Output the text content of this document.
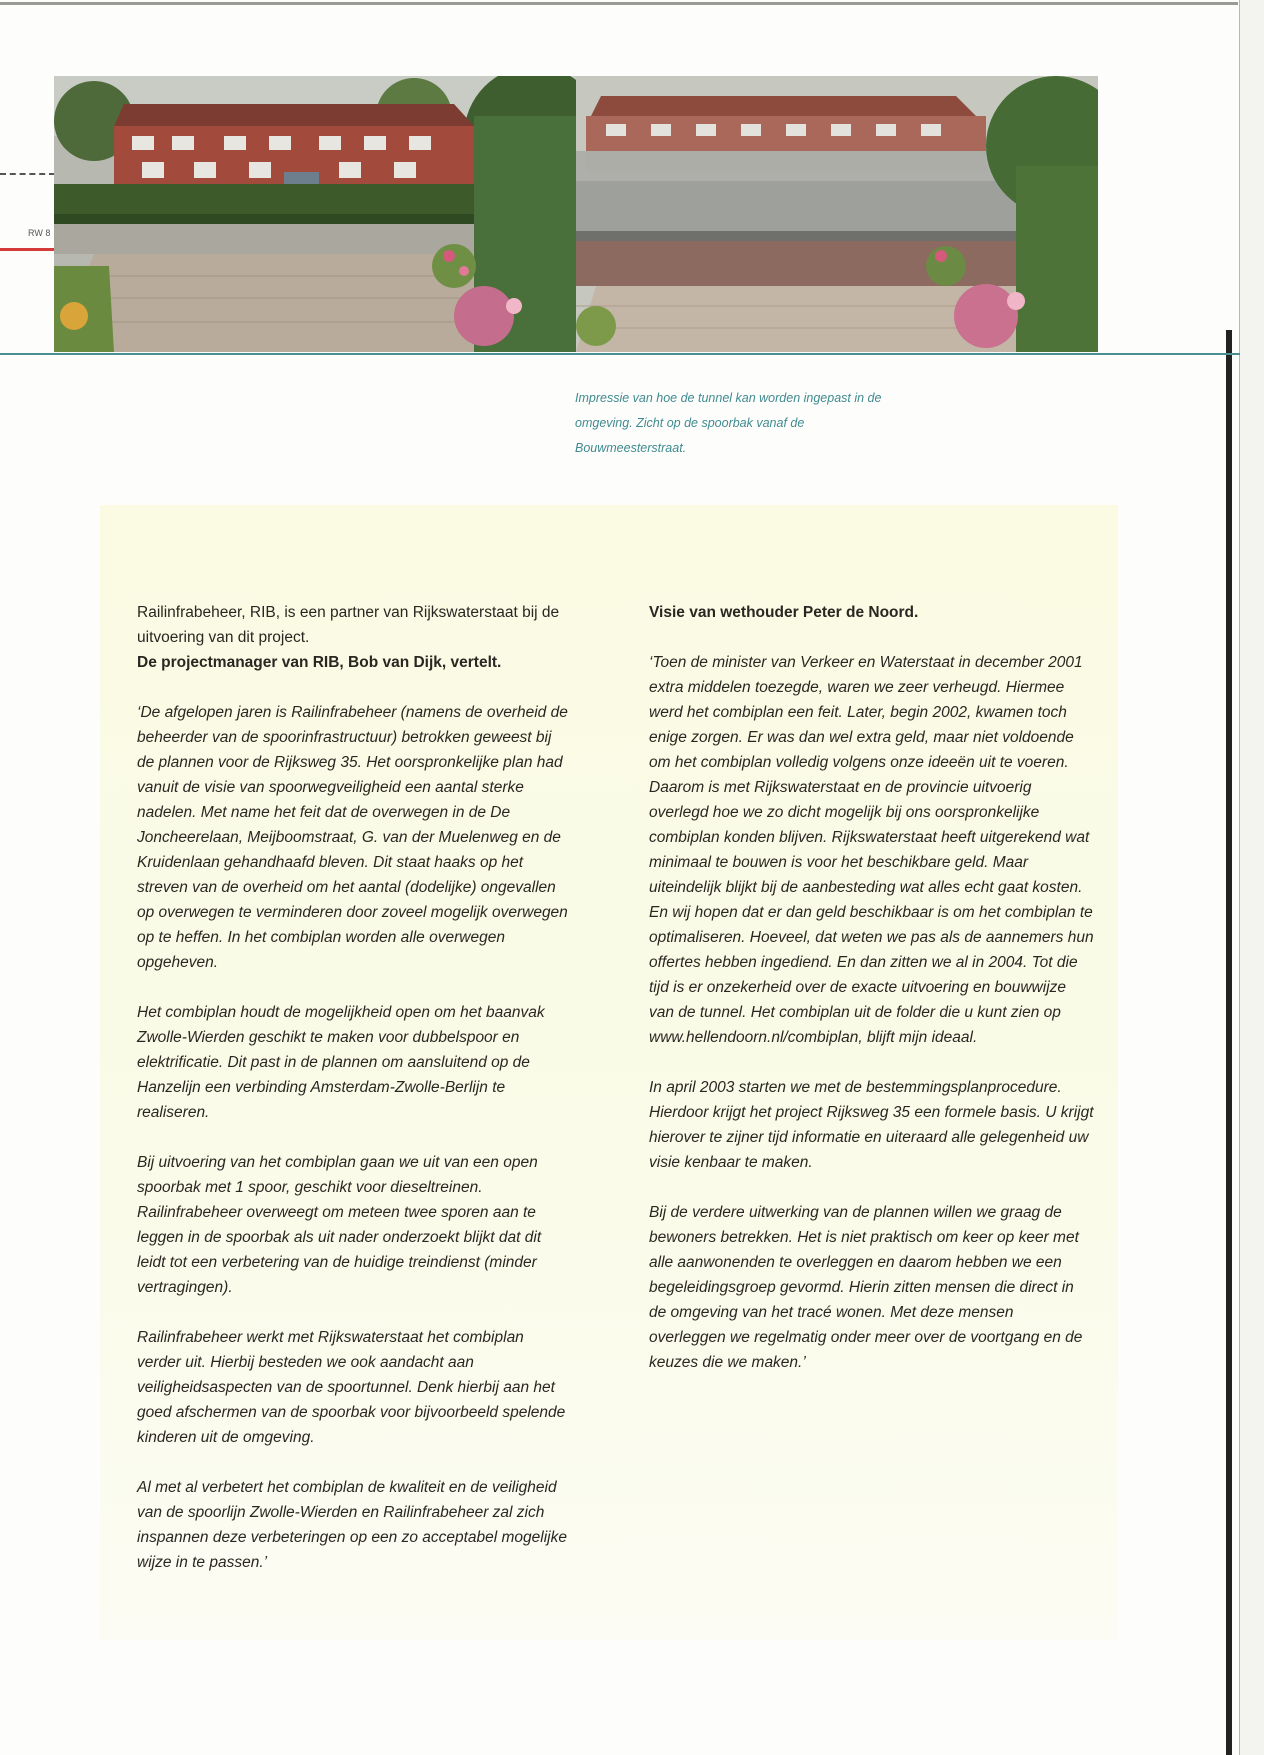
RW 8

Impressie van hoe de tunnel kan worden ingepast in de omgeving. Zicht op de spoorbak vanaf de Bouwmeesterstraat.

Railinfrabeheer, RIB, is een partner van Rijkswaterstaat bij de uitvoering van dit project.
De projectmanager van RIB, Bob van Dijk, vertelt.

‘De afgelopen jaren is Railinfrabeheer (namens de overheid de beheerder van de spoorinfrastructuur) betrokken geweest bij de plannen voor de Rijksweg 35. Het oorspronkelijke plan had vanuit de visie van spoorwegveiligheid een aantal sterke nadelen. Met name het feit dat de overwegen in de De Joncheerelaan, Meijboomstraat, G. van der Muelenweg en de Kruidenlaan gehandhaafd bleven. Dit staat haaks op het streven van de overheid om het aantal (dodelijke) ongevallen op overwegen te verminderen door zoveel mogelijk overwegen op te heffen. In het combiplan worden alle overwegen opgeheven.

Het combiplan houdt de mogelijkheid open om het baanvak Zwolle-Wierden geschikt te maken voor dubbelspoor en elektrificatie. Dit past in de plannen om aansluitend op de Hanzelijn een verbinding Amsterdam-Zwolle-Berlijn te realiseren.

Bij uitvoering van het combiplan gaan we uit van een open spoorbak met 1 spoor, geschikt voor dieseltreinen. Railinfrabeheer overweegt om meteen twee sporen aan te leggen in de spoorbak als uit nader onderzoekt blijkt dat dit leidt tot een verbetering van de huidige treindienst (minder vertragingen).

Railinfrabeheer werkt met Rijkswaterstaat het combiplan verder uit. Hierbij besteden we ook aandacht aan veiligheidsaspecten van de spoortunnel. Denk hierbij aan het goed afschermen van de spoorbak voor bijvoorbeeld spelende kinderen uit de omgeving.

Al met al verbetert het combiplan de kwaliteit en de veiligheid van de spoorlijn Zwolle-Wierden en Railinfrabeheer zal zich inspannen deze verbeteringen op een zo acceptabel mogelijke wijze in te passen.’

Visie van wethouder Peter de Noord.

‘Toen de minister van Verkeer en Waterstaat in december 2001 extra middelen toezegde, waren we zeer verheugd. Hiermee werd het combiplan een feit. Later, begin 2002, kwamen toch enige zorgen. Er was dan wel extra geld, maar niet voldoende om het combiplan volledig volgens onze ideeën uit te voeren. Daarom is met Rijkswaterstaat en de provincie uitvoerig overlegd hoe we zo dicht mogelijk bij ons oorspronkelijke combiplan konden blijven. Rijkswaterstaat heeft uitgerekend wat minimaal te bouwen is voor het beschikbare geld. Maar uiteindelijk blijkt bij de aanbesteding wat alles echt gaat kosten. En wij hopen dat er dan geld beschikbaar is om het combiplan te optimaliseren. Hoeveel, dat weten we pas als de aannemers hun offertes hebben ingediend. En dan zitten we al in 2004. Tot die tijd is er onzekerheid over de exacte uitvoering en bouwwijze van de tunnel. Het combiplan uit de folder die u kunt zien op www.hellendoorn.nl/combiplan, blijft mijn ideaal.

In april 2003 starten we met de bestemmingsplanprocedure. Hierdoor krijgt het project Rijksweg 35 een formele basis. U krijgt hierover te zijner tijd informatie en uiteraard alle gelegenheid uw visie kenbaar te maken.

Bij de verdere uitwerking van de plannen willen we graag de bewoners betrekken. Het is niet praktisch om keer op keer met alle aanwonenden te overleggen en daarom hebben we een begeleidingsgroep gevormd. Hierin zitten mensen die direct in de omgeving van het tracé wonen. Met deze mensen overleggen we regelmatig onder meer over de voortgang en de keuzes die we maken.’
